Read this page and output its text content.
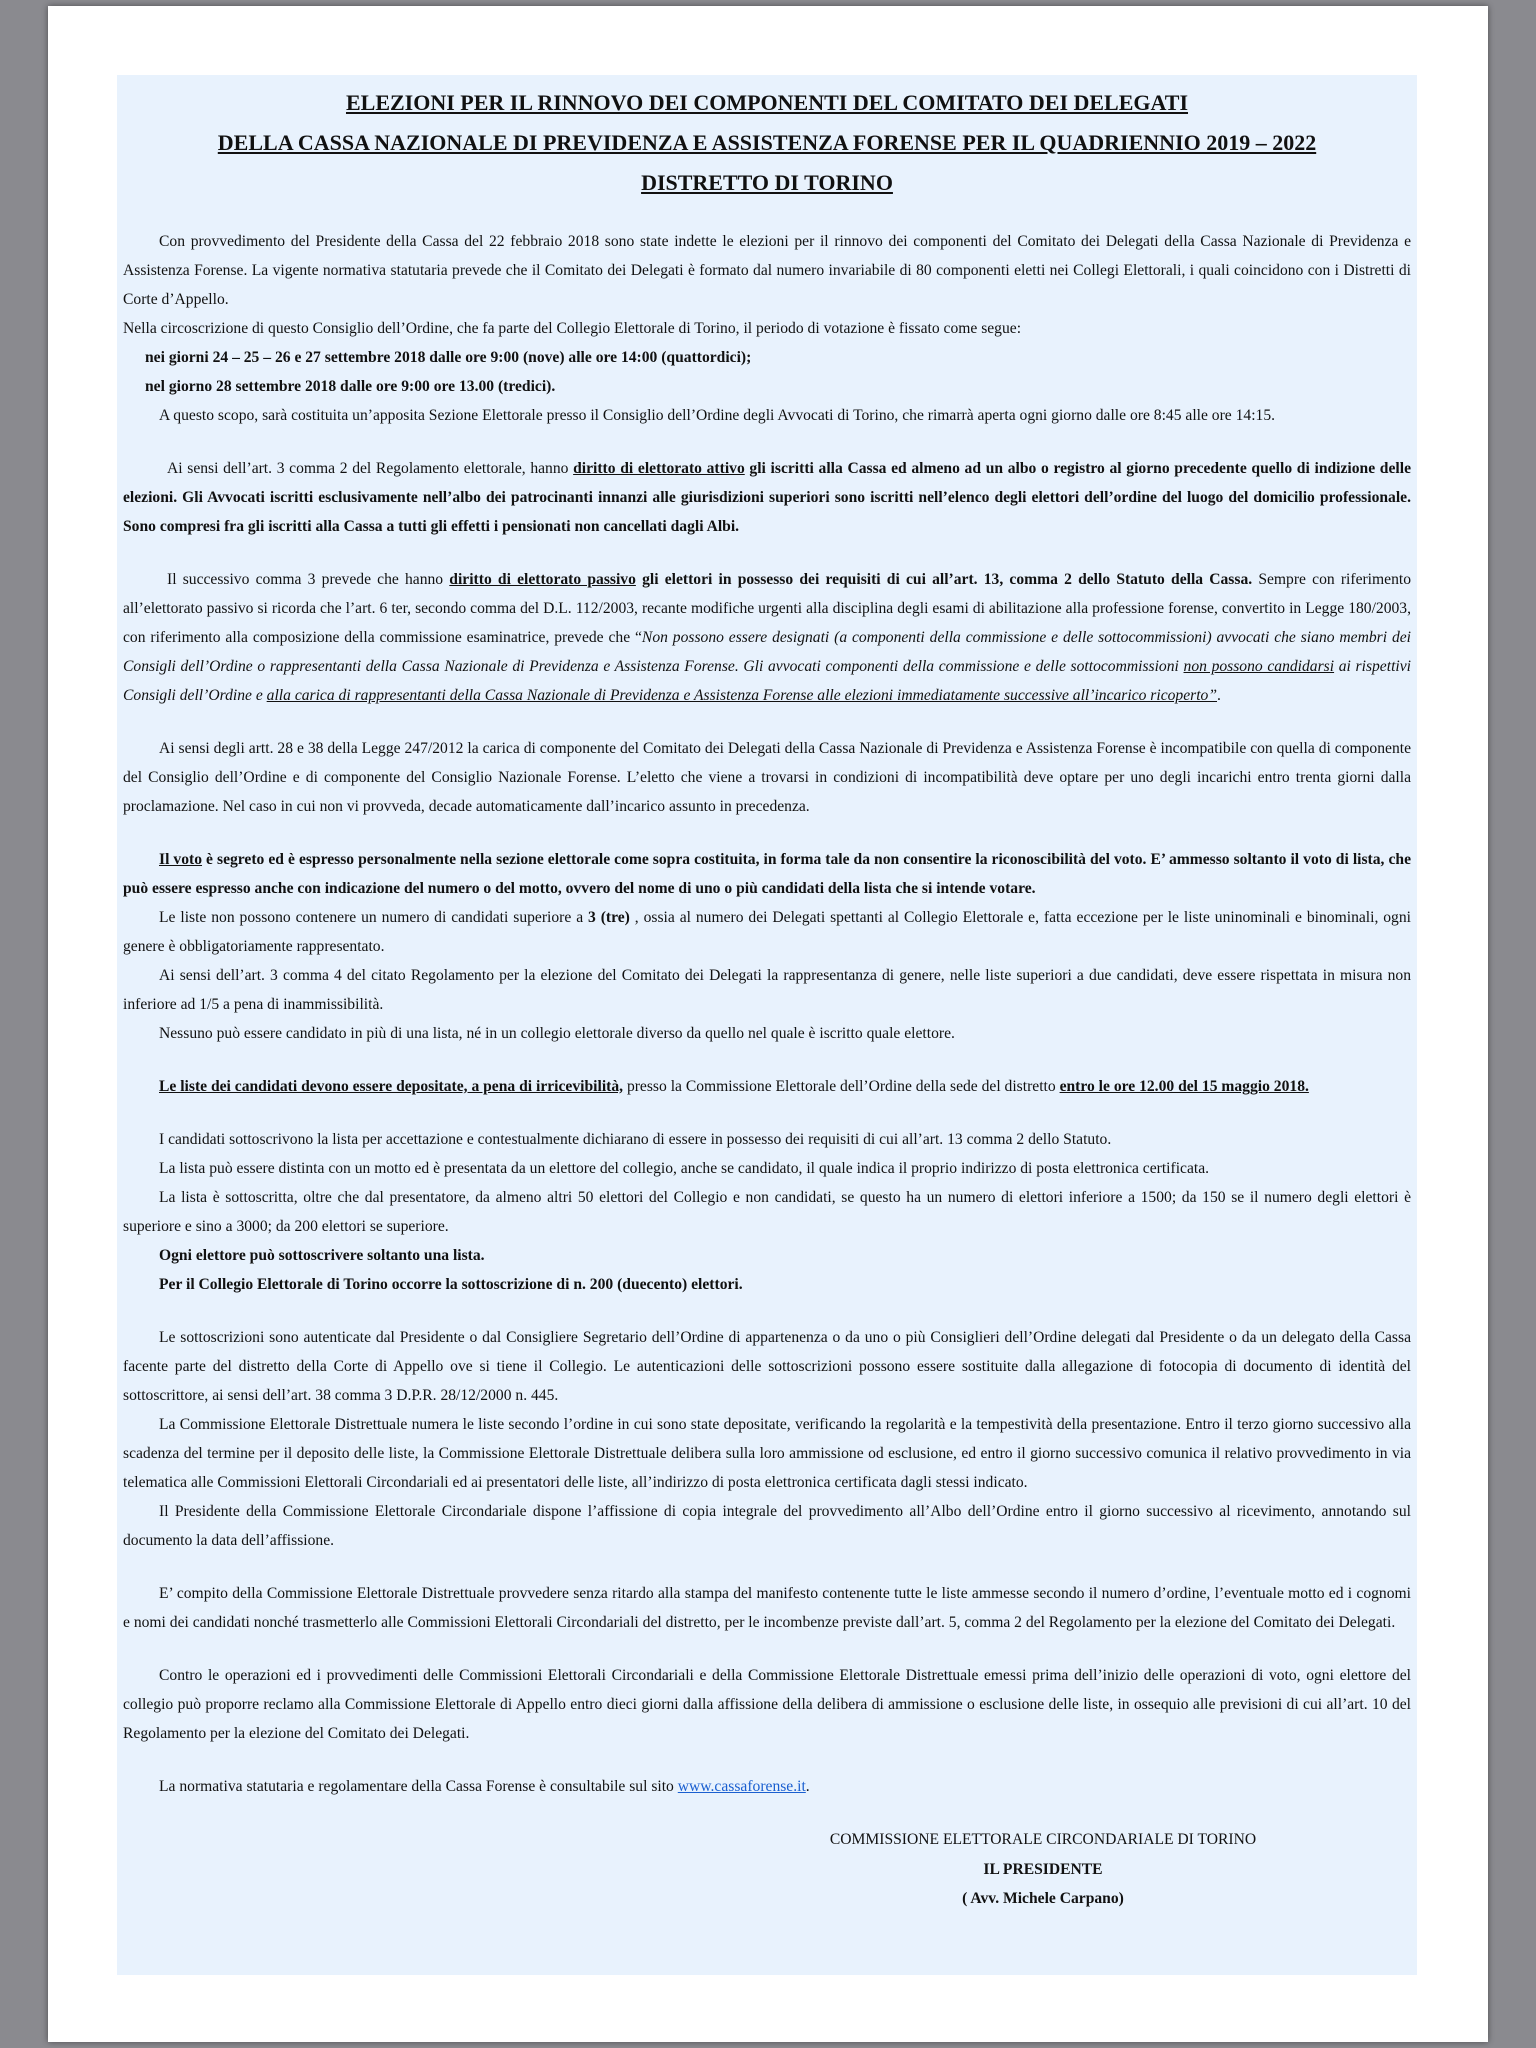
ELEZIONI PER IL RINNOVO DEI COMPONENTI DEL COMITATO DEI DELEGATI
DELLA CASSA NAZIONALE DI PREVIDENZA E ASSISTENZA FORENSE PER IL QUADRIENNIO 2019 – 2022
DISTRETTO DI TORINO

Con provvedimento del Presidente della Cassa del 22 febbraio 2018 sono state indette le elezioni per il rinnovo dei componenti del Comitato dei Delegati della Cassa Nazionale di Previdenza e Assistenza Forense. La vigente normativa statutaria prevede che il Comitato dei Delegati è formato dal numero invariabile di 80 componenti eletti nei Collegi Elettorali, i quali coincidono con i Distretti di Corte d’Appello.

Nella circoscrizione di questo Consiglio dell’Ordine, che fa parte del Collegio Elettorale di Torino, il periodo di votazione è fissato come segue:

nei giorni 24 – 25 – 26 e 27 settembre 2018 dalle ore 9:00 (nove) alle ore 14:00 (quattordici);

nel giorno 28 settembre 2018 dalle ore 9:00 ore 13.00 (tredici).

A questo scopo, sarà costituita un’apposita Sezione Elettorale presso il Consiglio dell’Ordine degli Avvocati di Torino, che rimarrà aperta ogni giorno dalle ore 8:45 alle ore 14:15.

Ai sensi dell’art. 3 comma 2 del Regolamento elettorale, hanno diritto di elettorato attivo gli iscritti alla Cassa ed almeno ad un albo o registro al giorno precedente quello di indizione delle elezioni. Gli Avvocati iscritti esclusivamente nell’albo dei patrocinanti innanzi alle giurisdizioni superiori sono iscritti nell’elenco degli elettori dell’ordine del luogo del domicilio professionale. Sono compresi fra gli iscritti alla Cassa a tutti gli effetti i pensionati non cancellati dagli Albi.

Il successivo comma 3 prevede che hanno diritto di elettorato passivo gli elettori in possesso dei requisiti di cui all’art. 13, comma 2 dello Statuto della Cassa. Sempre con riferimento all’elettorato passivo si ricorda che l’art. 6 ter, secondo comma del D.L. 112/2003, recante modifiche urgenti alla disciplina degli esami di abilitazione alla professione forense, convertito in Legge 180/2003, con riferimento alla composizione della commissione esaminatrice, prevede che “Non possono essere designati (a componenti della commissione e delle sottocommissioni) avvocati che siano membri dei Consigli dell’Ordine o rappresentanti della Cassa Nazionale di Previdenza e Assistenza Forense. Gli avvocati componenti della commissione e delle sottocommissioni non possono candidarsi ai rispettivi Consigli dell’Ordine e alla carica di rappresentanti della Cassa Nazionale di Previdenza e Assistenza Forense alle elezioni immediatamente successive all’incarico ricoperto”.

Ai sensi degli artt. 28 e 38 della Legge 247/2012 la carica di componente del Comitato dei Delegati della Cassa Nazionale di Previdenza e Assistenza Forense è incompatibile con quella di componente del Consiglio dell’Ordine e di componente del Consiglio Nazionale Forense. L’eletto che viene a trovarsi in condizioni di incompatibilità deve optare per uno degli incarichi entro trenta giorni dalla proclamazione. Nel caso in cui non vi provveda, decade automaticamente dall’incarico assunto in precedenza.

Il voto è segreto ed è espresso personalmente nella sezione elettorale come sopra costituita, in forma tale da non consentire la riconoscibilità del voto. E’ ammesso soltanto il voto di lista, che può essere espresso anche con indicazione del numero o del motto, ovvero del nome di uno o più candidati della lista che si intende votare.

Le liste non possono contenere un numero di candidati superiore a 3 (tre) , ossia al numero dei Delegati spettanti al Collegio Elettorale e, fatta eccezione per le liste uninominali e binominali, ogni genere è obbligatoriamente rappresentato.

Ai sensi dell’art. 3 comma 4 del citato Regolamento per la elezione del Comitato dei Delegati la rappresentanza di genere, nelle liste superiori a due candidati, deve essere rispettata in misura non inferiore ad 1/5 a pena di inammissibilità.

Nessuno può essere candidato in più di una lista, né in un collegio elettorale diverso da quello nel quale è iscritto quale elettore.

Le liste dei candidati devono essere depositate, a pena di irricevibilità, presso la Commissione Elettorale dell’Ordine della sede del distretto entro le ore 12.00 del 15 maggio 2018.

I candidati sottoscrivono la lista per accettazione e contestualmente dichiarano di essere in possesso dei requisiti di cui all’art. 13 comma 2 dello Statuto.

La lista può essere distinta con un motto ed è presentata da un elettore del collegio, anche se candidato, il quale indica il proprio indirizzo di posta elettronica certificata.

La lista è sottoscritta, oltre che dal presentatore, da almeno altri 50 elettori del Collegio e non candidati, se questo ha un numero di elettori inferiore a 1500; da 150 se il numero degli elettori è superiore e sino a 3000; da 200 elettori se superiore.

Ogni elettore può sottoscrivere soltanto una lista.

Per il Collegio Elettorale di Torino occorre la sottoscrizione di n. 200 (duecento) elettori.

Le sottoscrizioni sono autenticate dal Presidente o dal Consigliere Segretario dell’Ordine di appartenenza o da uno o più Consiglieri dell’Ordine delegati dal Presidente o da un delegato della Cassa facente parte del distretto della Corte di Appello ove si tiene il Collegio. Le autenticazioni delle sottoscrizioni possono essere sostituite dalla allegazione di fotocopia di documento di identità del sottoscrittore, ai sensi dell’art. 38 comma 3 D.P.R. 28/12/2000 n. 445.

La Commissione Elettorale Distrettuale numera le liste secondo l’ordine in cui sono state depositate, verificando la regolarità e la tempestività della presentazione. Entro il terzo giorno successivo alla scadenza del termine per il deposito delle liste, la Commissione Elettorale Distrettuale delibera sulla loro ammissione od esclusione, ed entro il giorno successivo comunica il relativo provvedimento in via telematica alle Commissioni Elettorali Circondariali ed ai presentatori delle liste, all’indirizzo di posta elettronica certificata dagli stessi indicato.

Il Presidente della Commissione Elettorale Circondariale dispone l’affissione di copia integrale del provvedimento all’Albo dell’Ordine entro il giorno successivo al ricevimento, annotando sul documento la data dell’affissione.

E’ compito della Commissione Elettorale Distrettuale provvedere senza ritardo alla stampa del manifesto contenente tutte le liste ammesse secondo il numero d’ordine, l’eventuale motto ed i cognomi e nomi dei candidati nonché trasmetterlo alle Commissioni Elettorali Circondariali del distretto, per le incombenze previste dall’art. 5, comma 2 del Regolamento per la elezione del Comitato dei Delegati.

Contro le operazioni ed i provvedimenti delle Commissioni Elettorali Circondariali e della Commissione Elettorale Distrettuale emessi prima dell’inizio delle operazioni di voto, ogni elettore del collegio può proporre reclamo alla Commissione Elettorale di Appello entro dieci giorni dalla affissione della delibera di ammissione o esclusione delle liste, in ossequio alle previsioni di cui all’art. 10 del Regolamento per la elezione del Comitato dei Delegati.

La normativa statutaria e regolamentare della Cassa Forense è consultabile sul sito www.cassaforense.it.

COMMISSIONE ELETTORALE CIRCONDARIALE DI TORINO
IL PRESIDENTE
( Avv. Michele Carpano)
